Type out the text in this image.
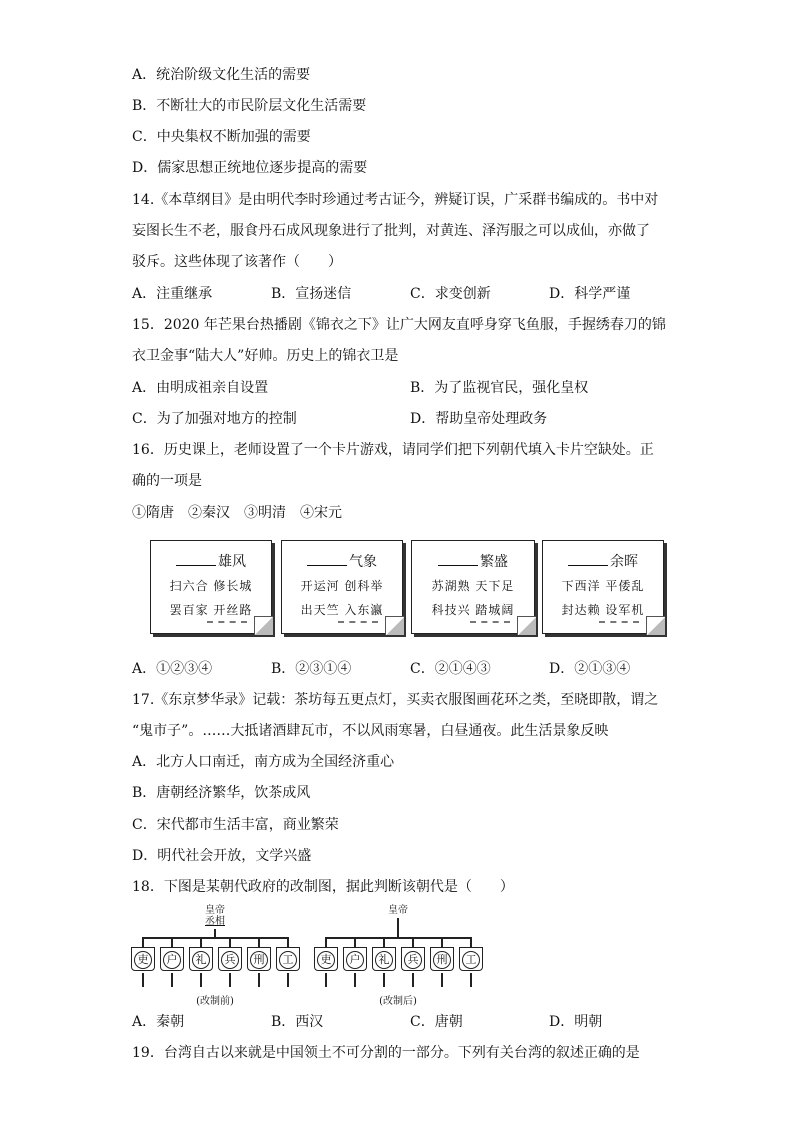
A．统治阶级文化生活的需要
B．不断壮大的市民阶层文化生活需要
C．中央集权不断加强的需要
D．儒家思想正统地位逐步提高的需要
14.《本草纲目》是由明代李时珍通过考古证今，辨疑订误，广采群书编成的。书中对
妄图长生不老，服食丹石成风现象进行了批判，对黄连、泽泻服之可以成仙，亦做了
驳斥。这些体现了该著作（　　）
A．注重继承	B．宣扬迷信	C．求变创新	D．科学严谨
15．2020 年芒果台热播剧《锦衣之下》让广大网友直呼身穿飞鱼服，手握绣春刀的锦
衣卫金事“陆大人”好帅。历史上的锦衣卫是
A．由明成祖亲自设置	B．为了监视官民，强化皇权
C．为了加强对地方的控制	D．帮助皇帝处理政务
16．历史课上，老师设置了一个卡片游戏，请同学们把下列朝代填入卡片空缺处。正
确的一项是
①隋唐　②秦汉　③明清　④宋元
雄风
扫六合 修长城
罢百家 开丝路
气象
开运河 创科举
出天竺 入东瀛
繁盛
苏湖熟 天下足
科技兴 踏城阔
余晖
下西洋 平倭乱
封达赖 设军机
A．①②③④	B．②③①④	C．②①④③	D．②①③④
17.《东京梦华录》记载：茶坊每五更点灯，买卖衣服图画花环之类，至晓即散，谓之
“鬼市子”。……大抵诸酒肆瓦市，不以风雨寒暑，白昼通夜。此生活景象反映
A．北方人口南迁，南方成为全国经济重心
B．唐朝经济繁华，饮茶成风
C．宋代都市生活丰富，商业繁荣
D．明代社会开放，文学兴盛
18．下图是某朝代政府的改制图，据此判断该朝代是（　　）
皇帝
丞相
吏	户	礼	兵	刑	工
(改制前)
皇帝
吏	户	礼	兵	刑	工
(改制后)
A．秦朝	B．西汉	C．唐朝	D．明朝
19．台湾自古以来就是中国领土不可分割的一部分。下列有关台湾的叙述正确的是
